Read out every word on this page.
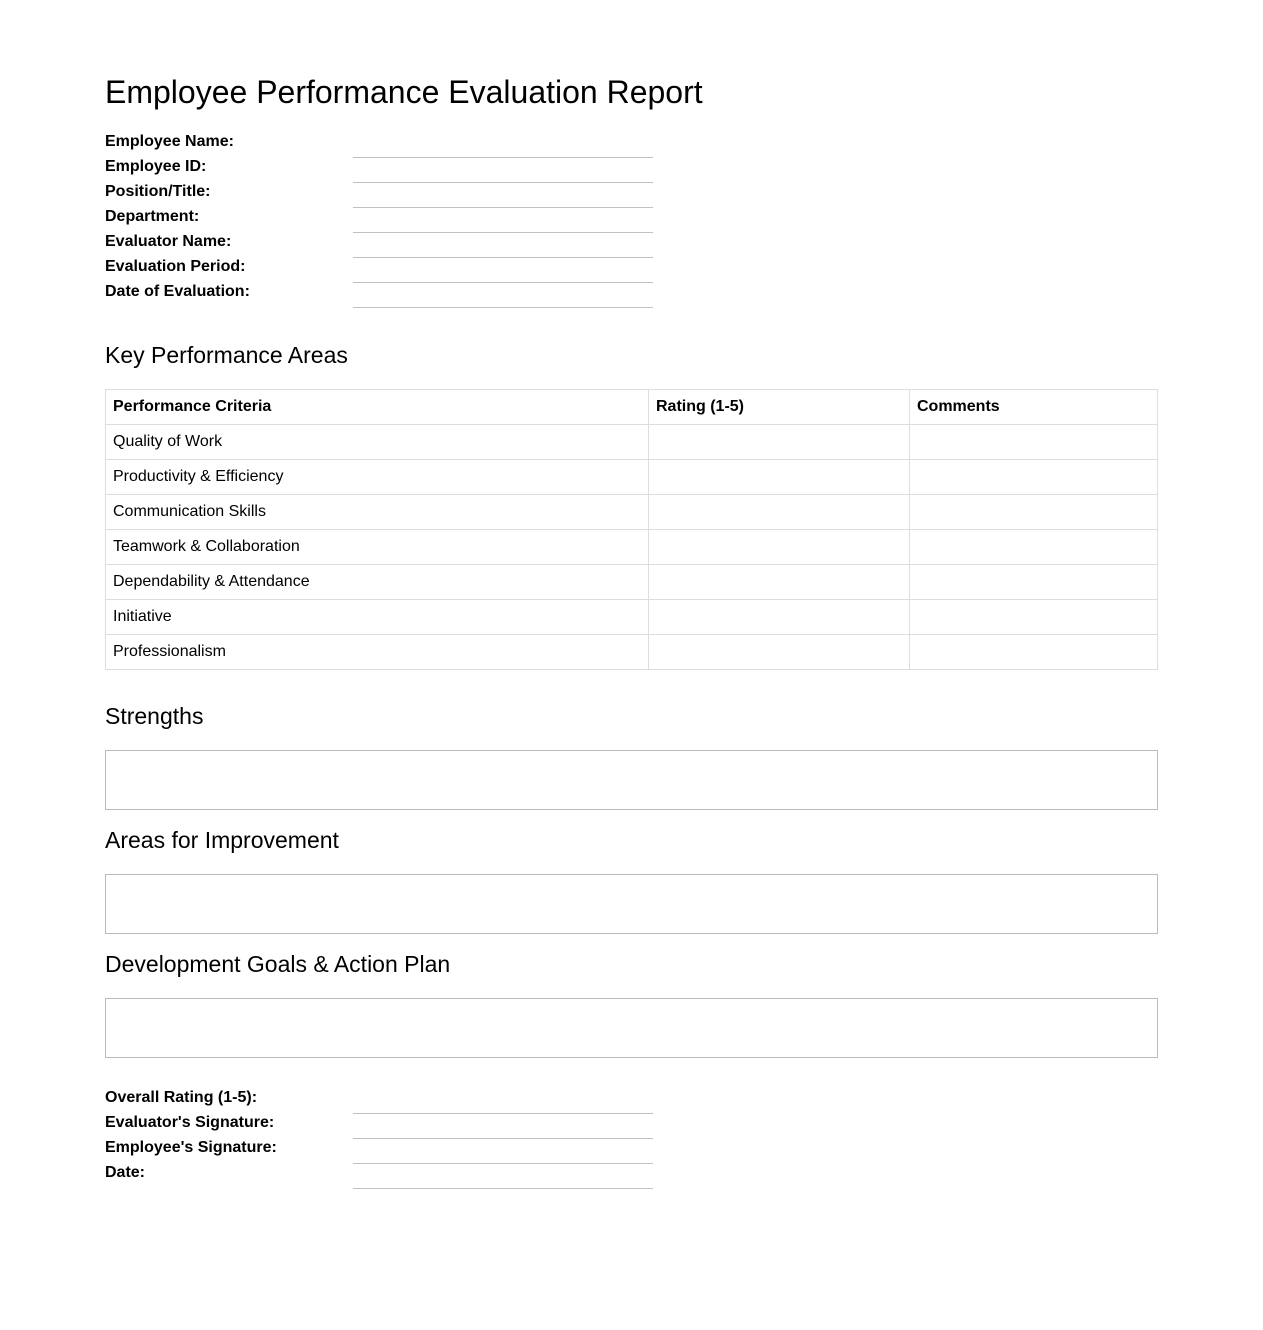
Employee Performance Evaluation Report
Employee Name:
Employee ID:
Position/Title:
Department:
Evaluator Name:
Evaluation Period:
Date of Evaluation:
Key Performance Areas
Performance Criteria	Rating (1-5)	Comments
Quality of Work		
Productivity & Efficiency		
Communication Skills		
Teamwork & Collaboration		
Dependability & Attendance		
Initiative		
Professionalism		
Strengths
Areas for Improvement
Development Goals & Action Plan
Overall Rating (1-5):
Evaluator's Signature:
Employee's Signature:
Date:
